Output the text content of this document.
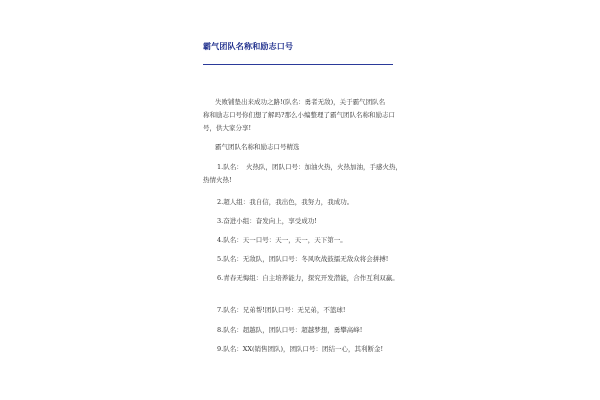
霸气团队名称和励志口号

失败铺垫出来成功之路!(队名：勇者无敌)，关于霸气团队名
称和励志口号你们想了解吗?那么小编整理了霸气团队名称和励志口
号，供大家分享!

霸气团队名称和励志口号精选

1.队名：　火热队，团队口号：加油火热，火热加油，手感火热，
热情火热!

2.超人组：我自信，我出色，我努力，我成功。

3.奋进小组：奋发向上，享受成功!

4.队名：天一口号：天一，天一，天下第一。

5.队名：无敌队，团队口号：冬风吹战鼓擂无敌众将会拼搏!

6.青春无悔组：自主培养能力，探究开发潜能，合作互利双赢。

7.队名：兄弟帮!团队口号：无兄弟，不篮球!

8.队名：超越队，团队口号：超越梦想，勇攀高峰!

9.队名：XX(销售团队)，团队口号：团结一心，其利断金!
